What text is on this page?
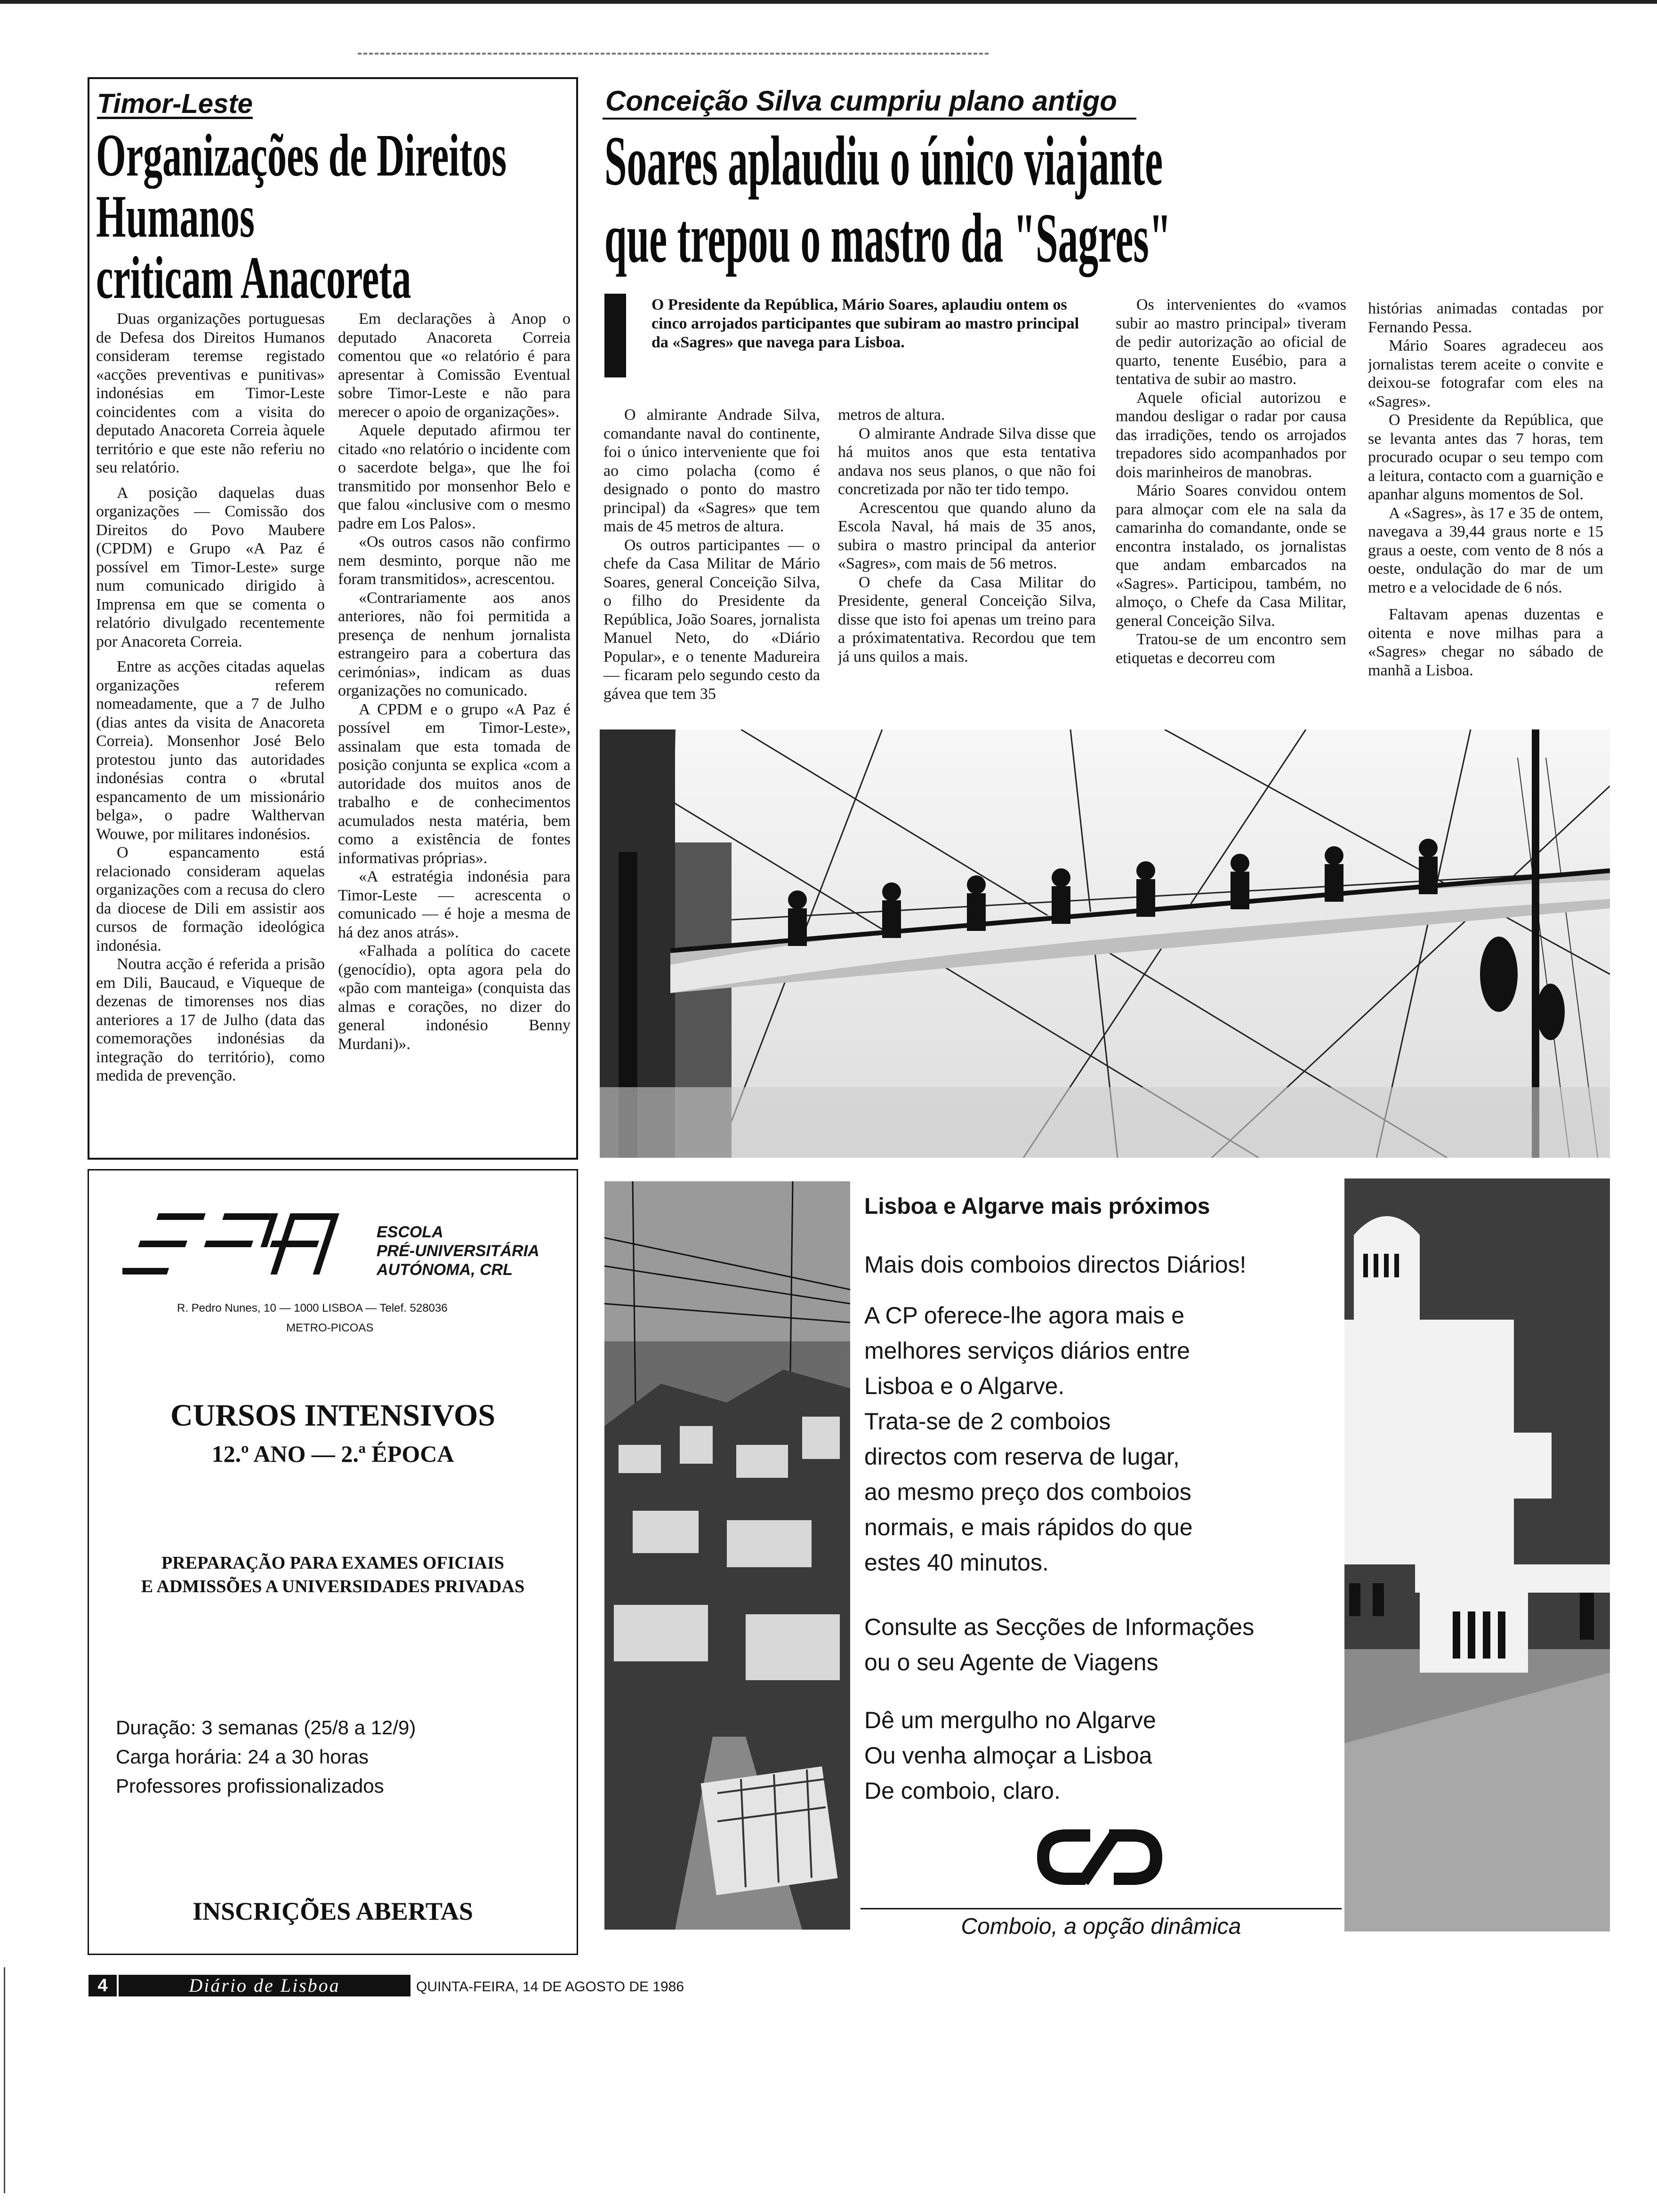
Timor-Leste
Organizações de Direitos
Humanos
criticam Anacoreta

Duas organizações portuguesas de Defesa dos Direitos Humanos consideram teremse registado «acções preventivas e punitivas» indonésias em Timor-Leste coincidentes com a visita do deputado Anacoreta Correia àquele território e que este não referiu no seu relatório.

A posição daquelas duas organizações — Comissão dos Direitos do Povo Maubere (CPDM) e Grupo «A Paz é possível em Timor-Leste» surge num comunicado dirigido à Imprensa em que se comenta o relatório divulgado recentemente por Anacoreta Correia.

Entre as acções citadas aquelas organizações referem nomeadamente, que a 7 de Julho (dias antes da visita de Anacoreta Correia). Monsenhor José Belo protestou junto das autoridades indonésias contra o «brutal espancamento de um missionário belga», o padre Walthervan Wouwe, por militares indonésios.

O espancamento está relacionado consideram aquelas organizações com a recusa do clero da diocese de Dili em assistir aos cursos de formação ideológica indonésia.

Noutra acção é referida a prisão em Dili, Baucaud, e Viqueque de dezenas de timorenses nos dias anteriores a 17 de Julho (data das comemorações indonésias da integração do território), como medida de prevenção.

Em declarações à Anop o deputado Anacoreta Correia comentou que «o relatório é para apresentar à Comissão Eventual sobre Timor-Leste e não para merecer o apoio de organizações».

Aquele deputado afirmou ter citado «no relatório o incidente com o sacerdote belga», que lhe foi transmitido por monsenhor Belo e que falou «inclusive com o mesmo padre em Los Palos».

«Os outros casos não confirmo nem desminto, porque não me foram transmitidos», acrescentou.

«Contrariamente aos anos anteriores, não foi permitida a presença de nenhum jornalista estrangeiro para a cobertura das cerimónias», indicam as duas organizações no comunicado.

A CPDM e o grupo «A Paz é possível em Timor-Leste», assinalam que esta tomada de posição conjunta se explica «com a autoridade dos muitos anos de trabalho e de conhecimentos acumulados nesta matéria, bem como a existência de fontes informativas próprias».

«A estratégia indonésia para Timor-Leste — acrescenta o comunicado — é hoje a mesma de há dez anos atrás».

«Falhada a política do cacete (genocídio), opta agora pela do «pão com manteiga» (conquista das almas e corações, no dizer do general indonésio Benny Murdani)».

Conceição Silva cumpriu plano antigo
Soares aplaudiu o único viajante
que trepou o mastro da "Sagres"
I	O Presidente da República, Mário Soares, aplaudiu ontem os cinco arrojados participantes que subiram ao mastro principal da «Sagres» que navega para Lisboa.

O almirante Andrade Silva, comandante naval do continente, foi o único interveniente que foi ao cimo polacha (como é designado o ponto do mastro principal) da «Sagres» que tem mais de 45 metros de altura.

Os outros participantes — o chefe da Casa Militar de Mário Soares, general Conceição Silva, o filho do Presidente da República, João Soares, jornalista Manuel Neto, do «Diário Popular», e o tenente Madureira — ficaram pelo segundo cesto da gávea que tem 35

metros de altura.

O almirante Andrade Silva disse que há muitos anos que esta tentativa andava nos seus planos, o que não foi concretizada por não ter tido tempo.

Acrescentou que quando aluno da Escola Naval, há mais de 35 anos, subira o mastro principal da anterior «Sagres», com mais de 56 metros.

O chefe da Casa Militar do Presidente, general Conceição Silva, disse que isto foi apenas um treino para a próximatentativa. Recordou que tem já uns quilos a mais.

Os intervenientes do «vamos subir ao mastro principal» tiveram de pedir autorização ao oficial de quarto, tenente Eusébio, para a tentativa de subir ao mastro.

Aquele oficial autorizou e mandou desligar o radar por causa das irradições, tendo os arrojados trepadores sido acompanhados por dois marinheiros de manobras.

Mário Soares convidou ontem para almoçar com ele na sala da camarinha do comandante, onde se encontra instalado, os jornalistas que andam embarcados na «Sagres». Participou, também, no almoço, o Chefe da Casa Militar, general Conceição Silva.

Tratou-se de um encontro sem etiquetas e decorreu com

histórias animadas contadas por Fernando Pessa.

Mário Soares agradeceu aos jornalistas terem aceite o convite e deixou-se fotografar com eles na «Sagres».

O Presidente da República, que se levanta antes das 7 horas, tem procurado ocupar o seu tempo com a leitura, contacto com a guarnição e apanhar alguns momentos de Sol.

A «Sagres», às 17 e 35 de ontem, navegava a 39,44 graus norte e 15 graus a oeste, com vento de 8 nós a oeste, ondulação do mar de um metro e a velocidade de 6 nós.

Faltavam apenas duzentas e oitenta e nove milhas para a «Sagres» chegar no sábado de manhã a Lisboa.

ESCOLA
PRÉ-UNIVERSITÁRIA
AUTÓNOMA, CRL
R. Pedro Nunes, 10 — 1000 LISBOA — Telef. 528036
METRO-PICOAS
CURSOS INTENSIVOS
12.º ANO — 2.ª ÉPOCA
PREPARAÇÃO PARA EXAMES OFICIAIS
E ADMISSÕES A UNIVERSIDADES PRIVADAS
Duração: 3 semanas (25/8 a 12/9)
Carga horária: 24 a 30 horas
Professores profissionalizados
INSCRIÇÕES ABERTAS
Lisboa e Algarve mais próximos
Mais dois comboios directos Diários!
A CP oferece-lhe agora mais e
melhores serviços diários entre
Lisboa e o Algarve.
Trata-se de 2 comboios
directos com reserva de lugar,
ao mesmo preço dos comboios
normais, e mais rápidos do que
estes 40 minutos.
Consulte as Secções de Informações
ou o seu Agente de Viagens
Dê um mergulho no Algarve
Ou venha almoçar a Lisboa
De comboio, claro.
Comboio, a opção dinâmica
4	Diário de Lisboa	QUINTA-FEIRA, 14 DE AGOSTO DE 1986
